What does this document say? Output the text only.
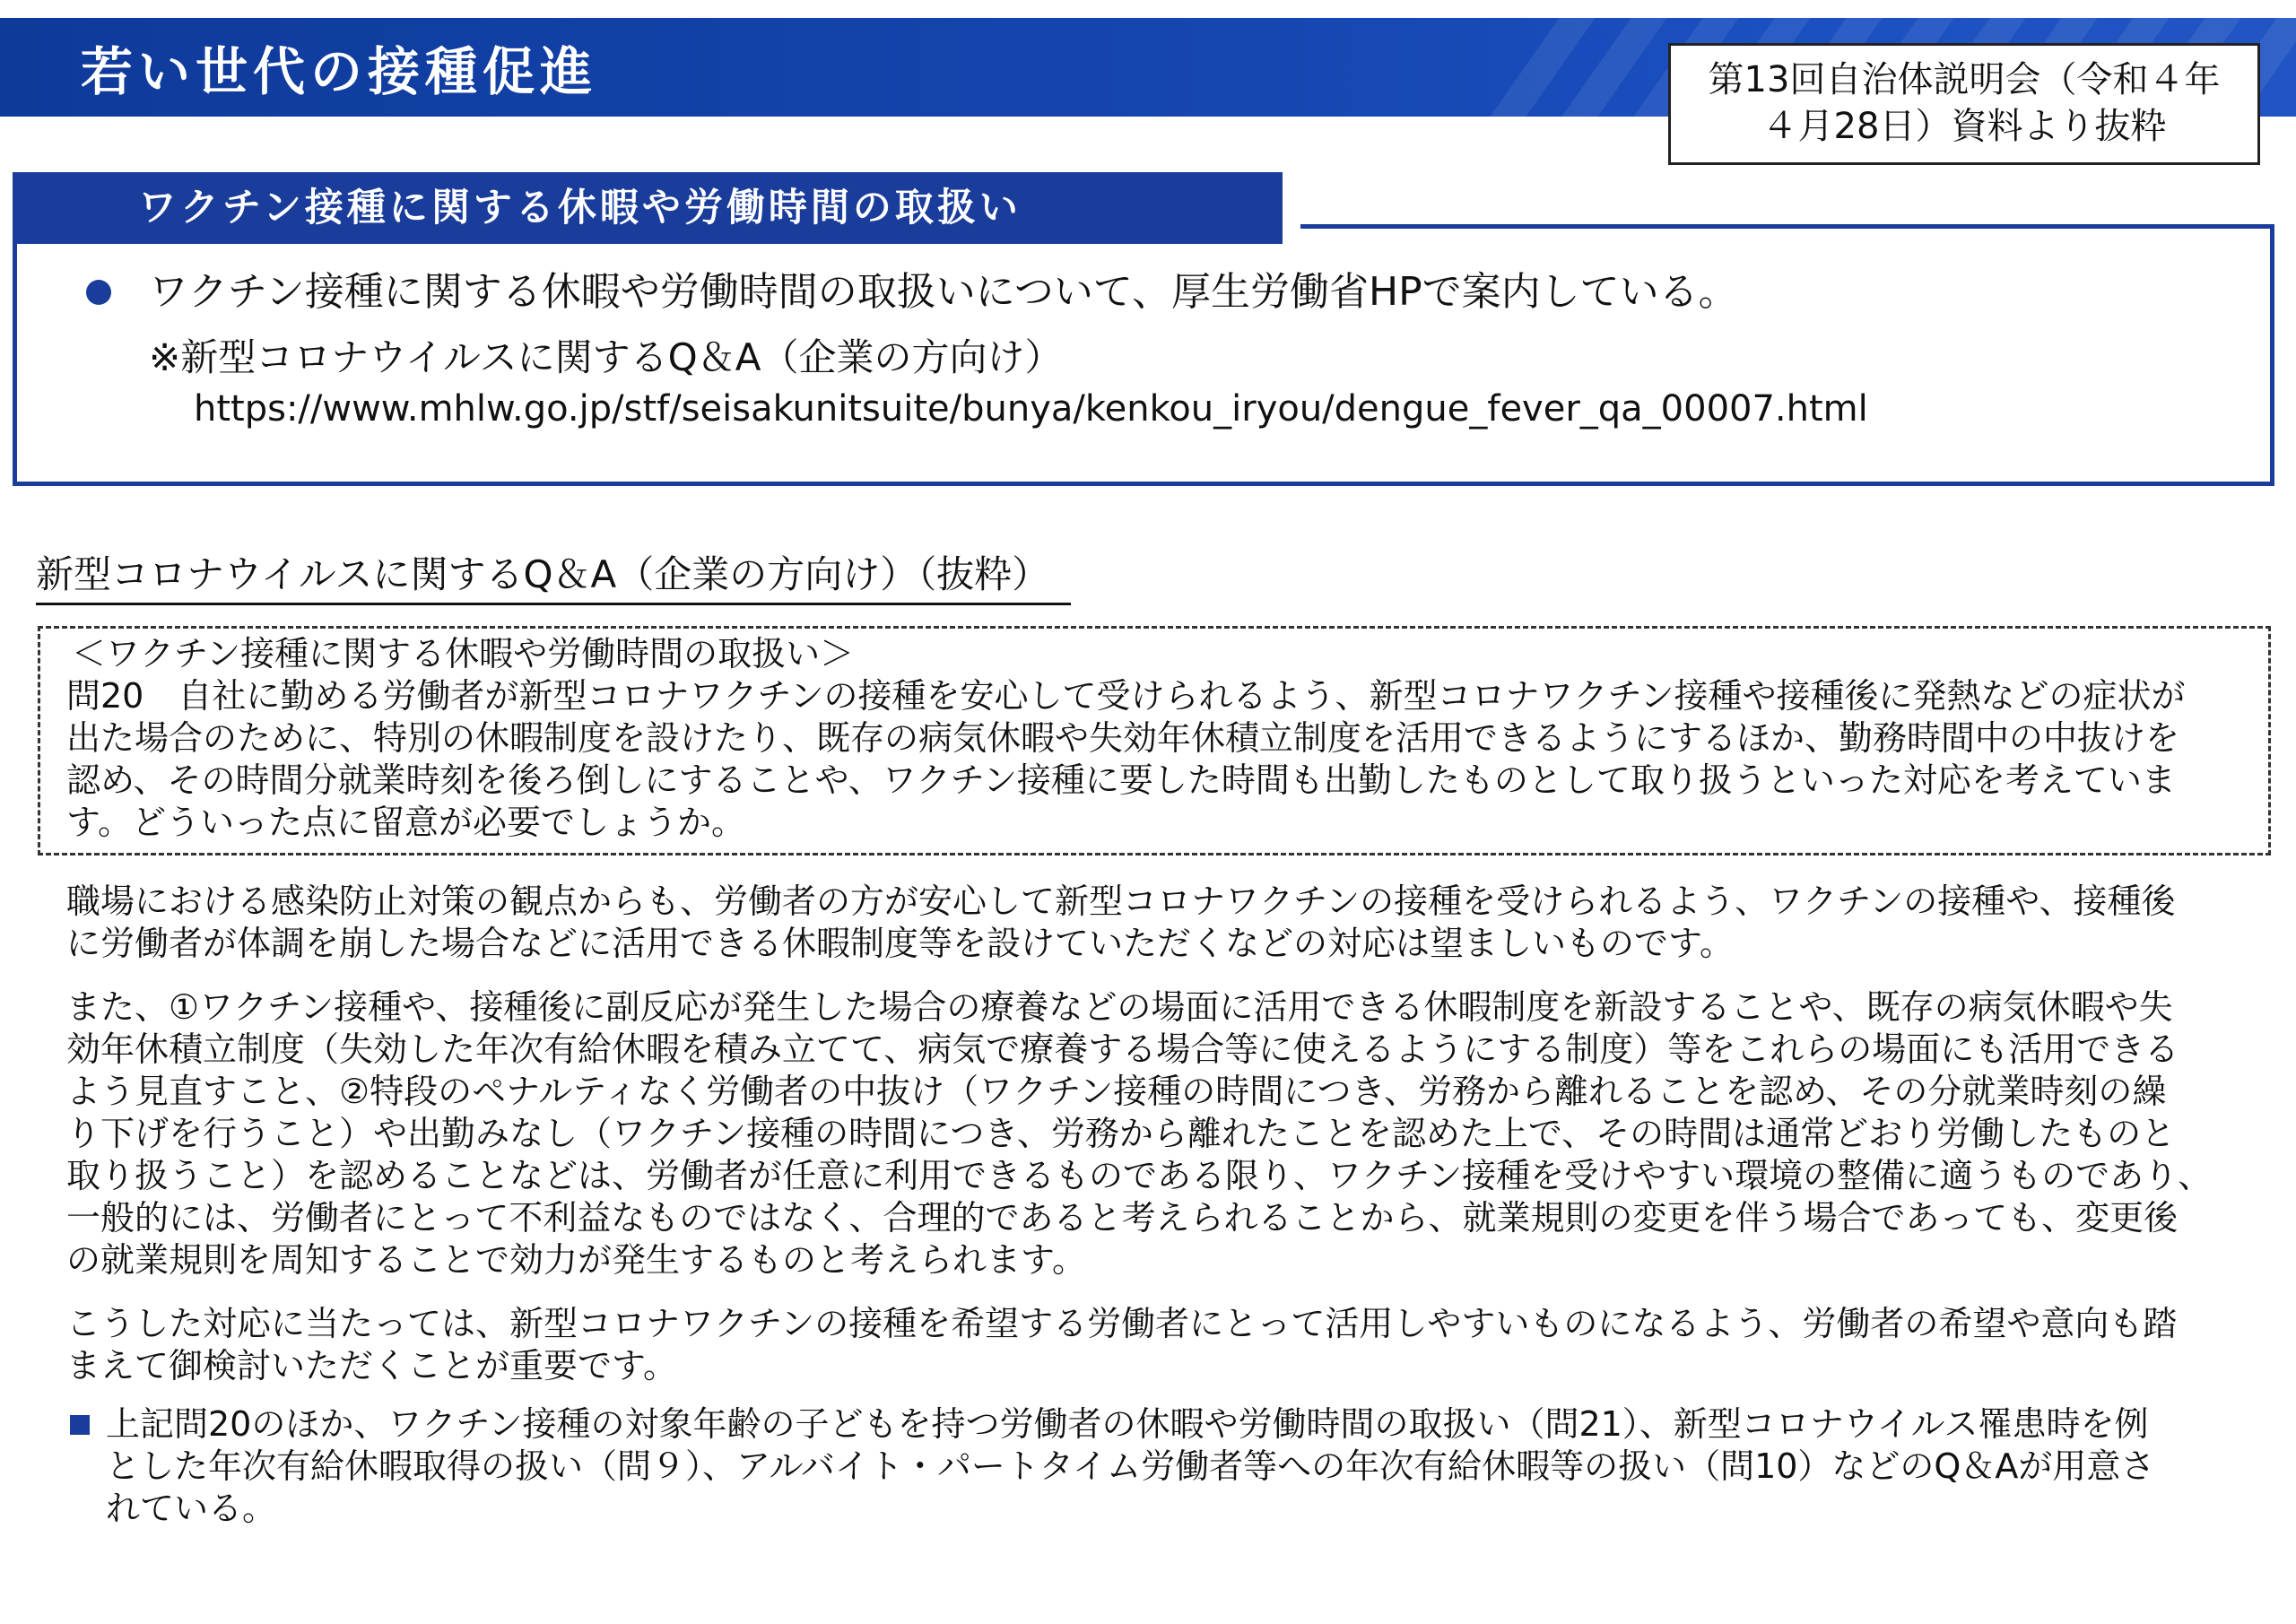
若い世代の接種促進	第13回自治体説明会（令和４年
４月28日）資料より抜粋
ワクチン接種に関する休暇や労働時間の取扱い
ワクチン接種に関する休暇や労働時間の取扱いについて、厚生労働省HPで案内している。
※新型コロナウイルスに関するQ＆A（企業の方向け）
https://www.mhlw.go.jp/stf/seisakunitsuite/bunya/kenkou_iryou/dengue_fever_qa_00007.html
新型コロナウイルスに関するQ＆A（企業の方向け）（抜粋）
＜ワクチン接種に関する休暇や労働時間の取扱い＞
問20　自社に勤める労働者が新型コロナワクチンの接種を安心して受けられるよう、新型コロナワクチン接種や接種後に発熱などの症状が
出た場合のために、特別の休暇制度を設けたり、既存の病気休暇や失効年休積立制度を活用できるようにするほか、勤務時間中の中抜けを
認め、その時間分就業時刻を後ろ倒しにすることや、ワクチン接種に要した時間も出勤したものとして取り扱うといった対応を考えていま
す。どういった点に留意が必要でしょうか。
職場における感染防止対策の観点からも、労働者の方が安心して新型コロナワクチンの接種を受けられるよう、ワクチンの接種や、接種後
に労働者が体調を崩した場合などに活用できる休暇制度等を設けていただくなどの対応は望ましいものです。
また、①ワクチン接種や、接種後に副反応が発生した場合の療養などの場面に活用できる休暇制度を新設することや、既存の病気休暇や失
効年休積立制度（失効した年次有給休暇を積み立てて、病気で療養する場合等に使えるようにする制度）等をこれらの場面にも活用できる
よう見直すこと、②特段のペナルティなく労働者の中抜け（ワクチン接種の時間につき、労務から離れることを認め、その分就業時刻の繰
り下げを行うこと）や出勤みなし（ワクチン接種の時間につき、労務から離れたことを認めた上で、その時間は通常どおり労働したものと
取り扱うこと）を認めることなどは、労働者が任意に利用できるものである限り、ワクチン接種を受けやすい環境の整備に適うものであり、
一般的には、労働者にとって不利益なものではなく、合理的であると考えられることから、就業規則の変更を伴う場合であっても、変更後
の就業規則を周知することで効力が発生するものと考えられます。
こうした対応に当たっては、新型コロナワクチンの接種を希望する労働者にとって活用しやすいものになるよう、労働者の希望や意向も踏
まえて御検討いただくことが重要です。
上記問20のほか、ワクチン接種の対象年齢の子どもを持つ労働者の休暇や労働時間の取扱い（問21）、新型コロナウイルス罹患時を例
とした年次有給休暇取得の扱い（問９）、アルバイト・パートタイム労働者等への年次有給休暇等の扱い（問10）などのQ＆Aが用意さ
れている。
